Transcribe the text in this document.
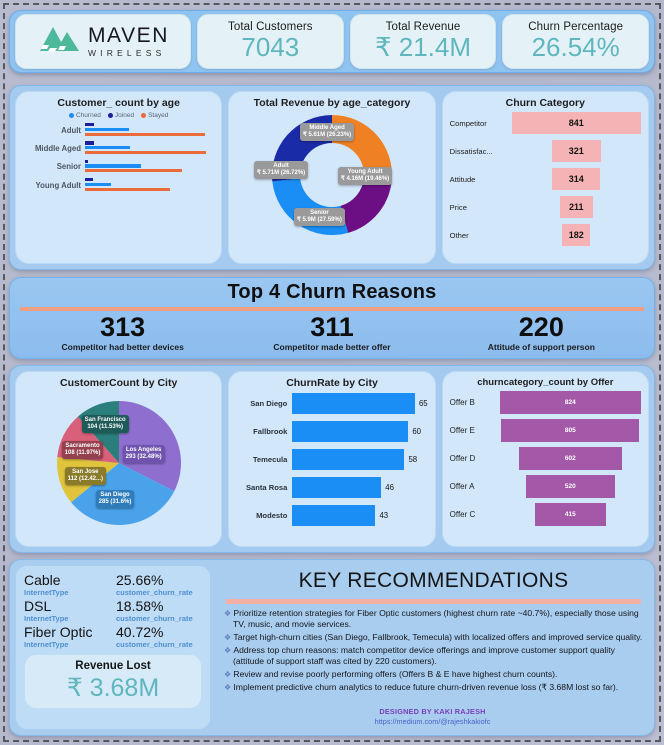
MAVEN
WIRELESS
Total Customers
7043
Total Revenue
₹ 21.4M
Churn Percentage
26.54%
Customer_ count by age
Churned Joined Stayed
Adult
Middle Aged
Senior
Young Adult
Total Revenue by age_category
Middle Aged
₹ 5.61M (26.23%)
Young Adult
₹ 4.16M (19.46%)
Senior
₹ 5.9M (27.59%)
Adult
₹ 5.71M (26.72%)
Churn Category
Competitor	841
Dissatisfac...	321
Attitude	314
Price	211
Other	182
Top 4 Churn Reasons
313
Competitor had better devices
311
Competitor made better offer
220
Attitude of support person
CustomerCount by City
Los Angeles
293 (32.48%)
San Diego
285 (31.6%)
San Jose
112 (12.42...)
Sacramento
108 (11.97%)
San Francisco
104 (11.53%)
ChurnRate by City
San Diego	65
Fallbrook	60
Temecula	58
Santa Rosa	46
Modesto	43
churncategory_count by Offer
Offer B	824
Offer E	805
Offer D	602
Offer A	520
Offer C	415
Cable	25.66%
InternetType	customer_churn_rate
DSL	18.58%
InternetType	customer_churn_rate
Fiber Optic 40.72%
InternetType	customer_churn_rate
Revenue Lost
₹ 3.68M
KEY RECOMMENDATIONS
❖ Prioritize retention strategies for Fiber Optic customers (highest churn rate ~40.7%), especially those using TV, music, and movie services.
❖ Target high-churn cities (San Diego, Fallbrook, Temecula) with localized offers and improved service quality.
❖ Address top churn reasons: match competitor device offerings and improve customer support quality (attitude of support staff was cited by 220 customers).
❖ Review and revise poorly performing offers (Offers B & E have highest churn counts).
❖ Implement predictive churn analytics to reduce future churn-driven revenue loss (₹ 3.68M lost so far).
DESIGNED BY KAKI RAJESH
https://medium.com/@rajeshkakiofc
